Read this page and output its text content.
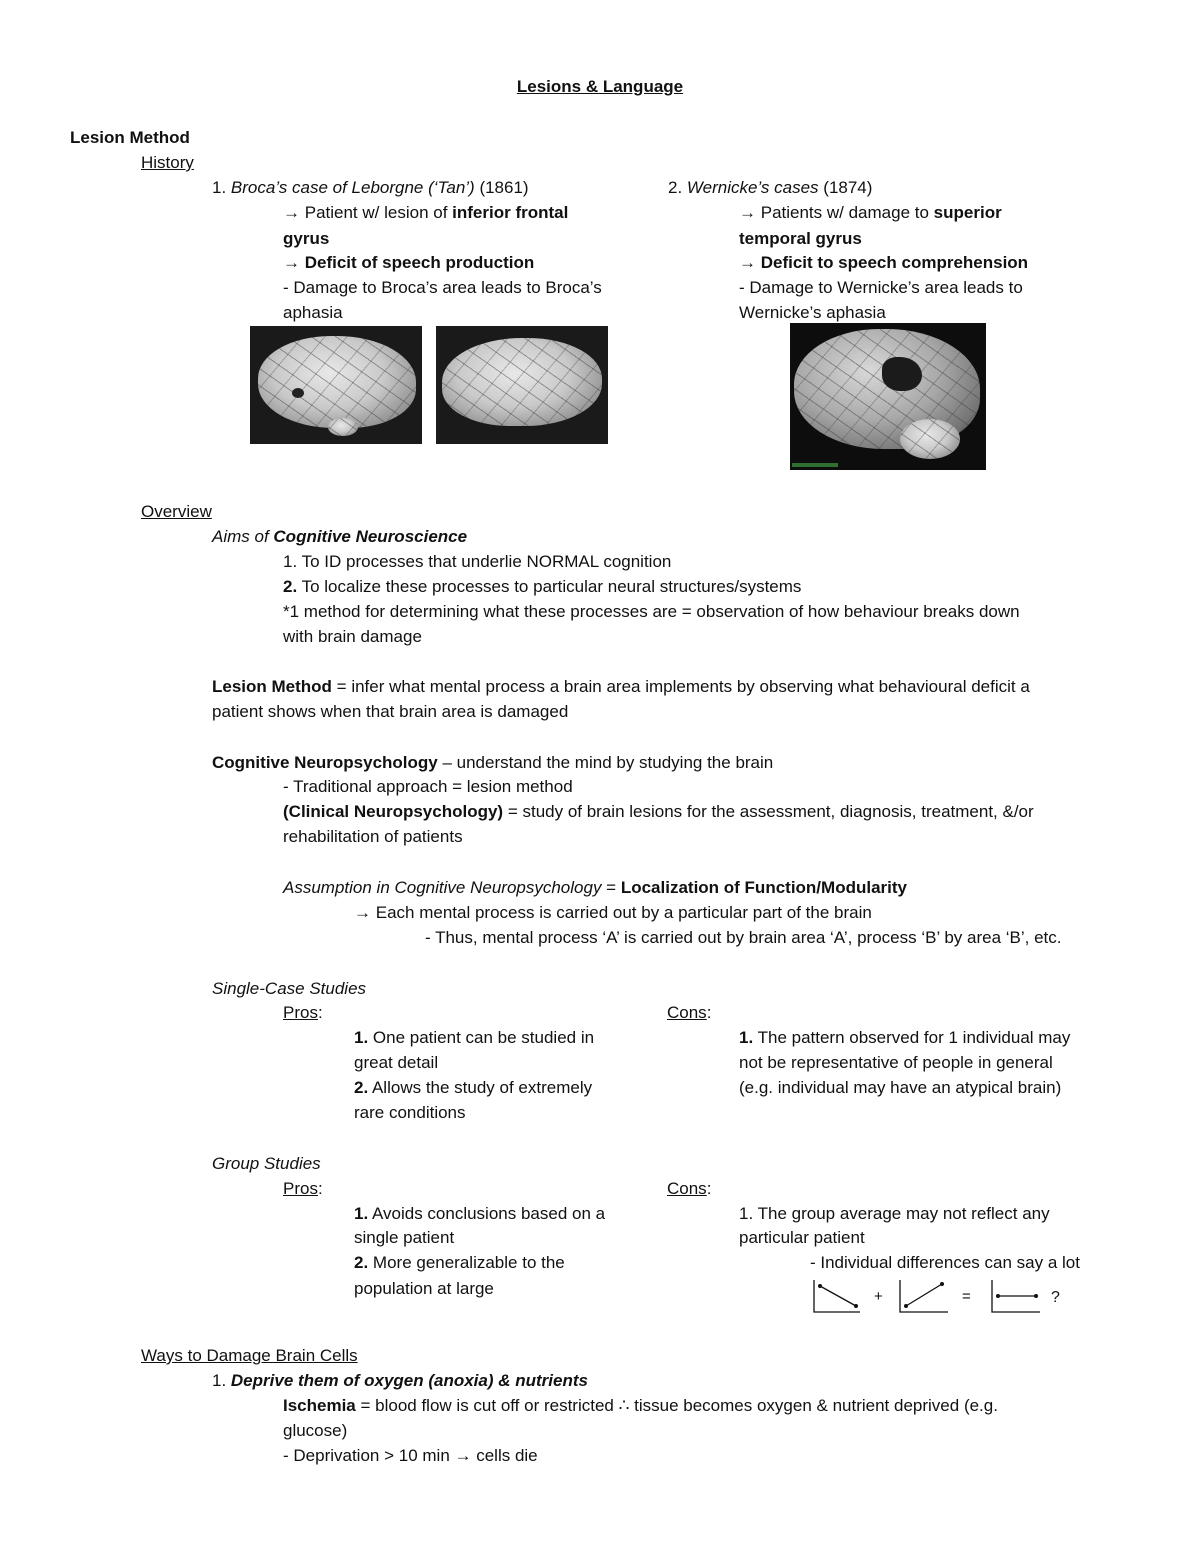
Lesions & Language
Lesion Method
History
1. Broca’s case of Leborgne (‘Tan’) (1861)
→ Patient w/ lesion of inferior frontal
gyrus
→ Deficit of speech production
- Damage to Broca’s area leads to Broca’s
aphasia
2. Wernicke’s cases (1874)
→ Patients w/ damage to superior
temporal gyrus
→ Deficit to speech comprehension
- Damage to Wernicke’s area leads to
Wernicke’s aphasia
Overview
Aims of Cognitive Neuroscience
1. To ID processes that underlie NORMAL cognition
2. To localize these processes to particular neural structures/systems
*1 method for determining what these processes are = observation of how behaviour breaks down
with brain damage
Lesion Method = infer what mental process a brain area implements by observing what behavioural deficit a
patient shows when that brain area is damaged
Cognitive Neuropsychology – understand the mind by studying the brain
- Traditional approach = lesion method
(Clinical Neuropsychology) = study of brain lesions for the assessment, diagnosis, treatment, &/or
rehabilitation of patients
Assumption in Cognitive Neuropsychology = Localization of Function/Modularity
→ Each mental process is carried out by a particular part of the brain
- Thus, mental process ‘A’ is carried out by brain area ‘A’, process ‘B’ by area ‘B’, etc.
Single-Case Studies
Pros:	Cons:
1. One patient can be studied in
great detail
2. Allows the study of extremely
rare conditions
1. The pattern observed for 1 individual may
not be representative of people in general
(e.g. individual may have an atypical brain)
Group Studies
Pros:	Cons:
1. Avoids conclusions based on a
single patient
2. More generalizable to the
population at large
1. The group average may not reflect any
particular patient
- Individual differences can say a lot
+	=	?
Ways to Damage Brain Cells
1. Deprive them of oxygen (anoxia) & nutrients
Ischemia = blood flow is cut off or restricted ∴ tissue becomes oxygen & nutrient deprived (e.g.
glucose)
- Deprivation > 10 min → cells die
